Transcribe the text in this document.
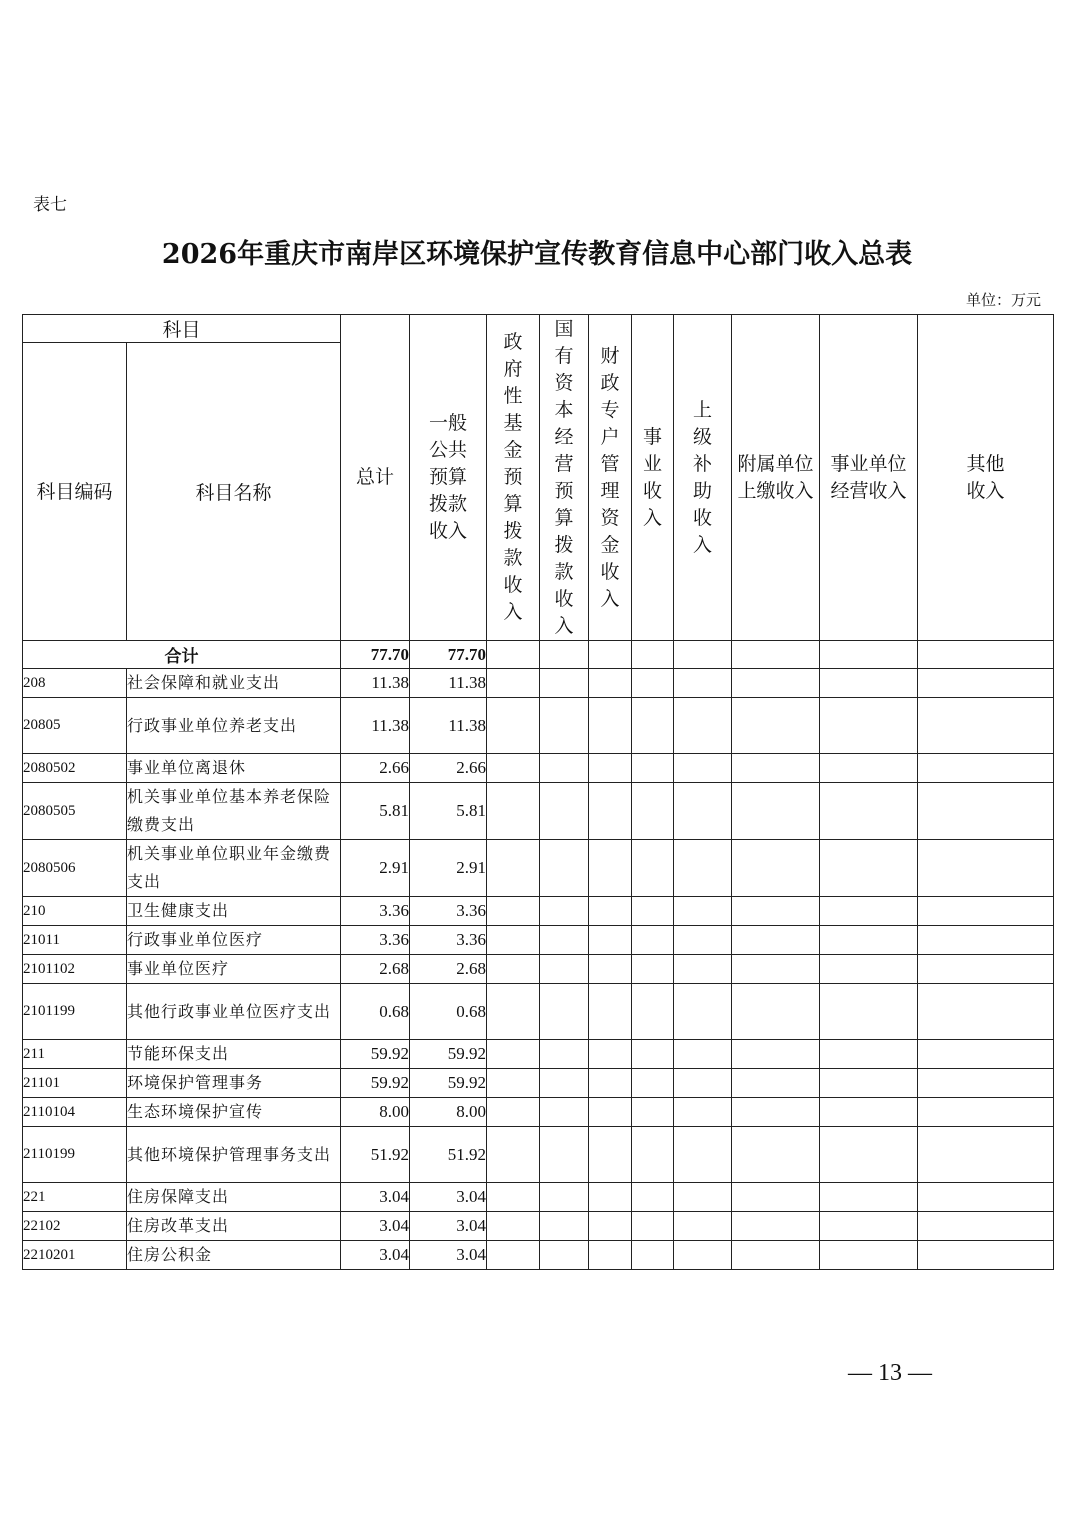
表七
2026年重庆市南岸区环境保护宣传教育信息中心部门收入总表
单位：万元
科目		总计	一般公共预算拨款收入	政府性基金预算拨款收入	国有资本经营预算拨款收入	财政专户管理资金收入	事业收入	上级补助收入	附属单位上缴收入	事业单位经营收入	其他收入
科目编码	科目名称										
合计		77.70	77.70								
208	社会保障和就业支出	11.38	11.38								
20805	行政事业单位养老支出	11.38	11.38								
2080502	事业单位离退休	2.66	2.66								
2080505	机关事业单位基本养老保险缴费支出	5.81	5.81								
2080506	机关事业单位职业年金缴费支出	2.91	2.91								
210	卫生健康支出	3.36	3.36								
21011	行政事业单位医疗	3.36	3.36								
2101102	事业单位医疗	2.68	2.68								
2101199	其他行政事业单位医疗支出	0.68	0.68								
211	节能环保支出	59.92	59.92								
21101	环境保护管理事务	59.92	59.92								
2110104	生态环境保护宣传	8.00	8.00								
2110199	其他环境保护管理事务支出	51.92	51.92								
221	住房保障支出	3.04	3.04								
22102	住房改革支出	3.04	3.04								
2210201	住房公积金	3.04	3.04								
— 13 —
